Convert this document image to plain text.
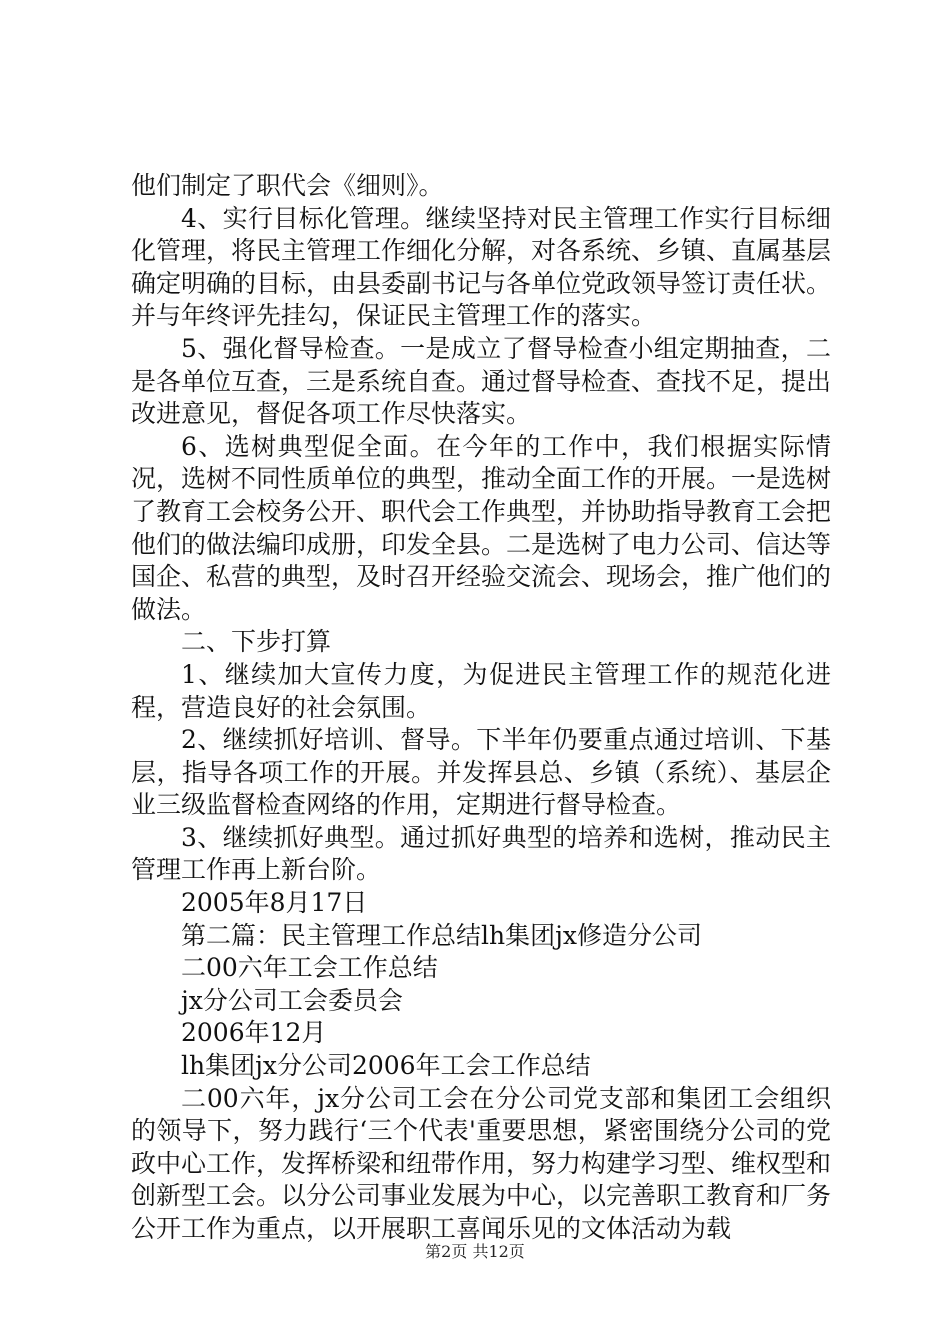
他们制定了职代会《细则》。

4、实行目标化管理。继续坚持对民主管理工作实行目标细化管理，将民主管理工作细化分解，对各系统、乡镇、直属基层确定明确的目标，由县委副书记与各单位党政领导签订责任状。并与年终评先挂勾，保证民主管理工作的落实。

5、强化督导检查。一是成立了督导检查小组定期抽查，二是各单位互查，三是系统自查。通过督导检查、查找不足，提出改进意见，督促各项工作尽快落实。

6、选树典型促全面。在今年的工作中，我们根据实际情况，选树不同性质单位的典型，推动全面工作的开展。一是选树了教育工会校务公开、职代会工作典型，并协助指导教育工会把他们的做法编印成册，印发全县。二是选树了电力公司、信达等国企、私营的典型，及时召开经验交流会、现场会，推广他们的做法。

二、下步打算

1、继续加大宣传力度，为促进民主管理工作的规范化进程，营造良好的社会氛围。

2、继续抓好培训、督导。下半年仍要重点通过培训、下基层，指导各项工作的开展。并发挥县总、乡镇（系统）、基层企业三级监督检查网络的作用，定期进行督导检查。

3、继续抓好典型。通过抓好典型的培养和选树，推动民主管理工作再上新台阶。

2005年8月17日

第二篇：民主管理工作总结lh集团jx修造分公司

二00六年工会工作总结

jx分公司工会委员会

2006年12月

lh集团jx分公司2006年工会工作总结

二00六年，jx分公司工会在分公司党支部和集团工会组织的领导下，努力践行‘三个代表'重要思想，紧密围绕分公司的党政中心工作，发挥桥梁和纽带作用，努力构建学习型、维权型和创新型工会。以分公司事业发展为中心，以完善职工教育和厂务公开工作为重点，以开展职工喜闻乐见的文体活动为载

第2页 共12页
